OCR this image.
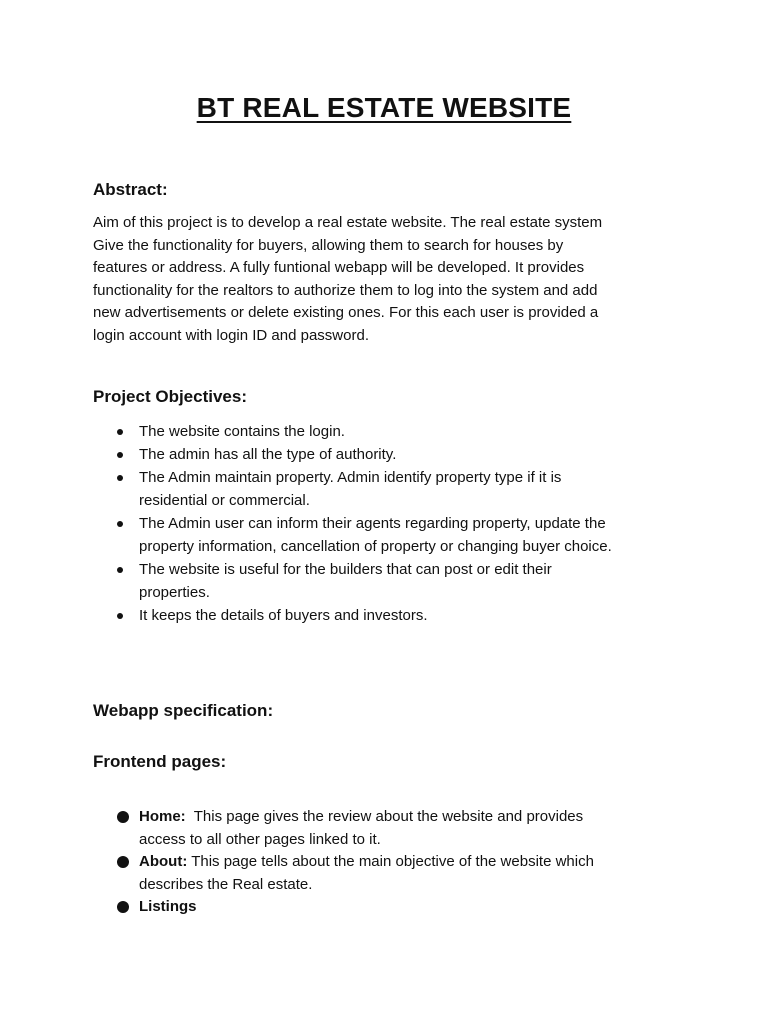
BT REAL ESTATE WEBSITE
Abstract:
Aim of this project is to develop a real estate website. The real estate system
Give the functionality for buyers, allowing them to search for houses by
features or address. A fully funtional webapp will be developed. It provides
functionality for the realtors to authorize them to log into the system and add
new advertisements or delete existing ones. For this each user is provided a
login account with login ID and password.
Project Objectives:
The website contains the login.
The admin has all the type of authority.
The Admin maintain property. Admin identify property type if it is
residential or commercial.
The Admin user can inform their agents regarding property, update the
property information, cancellation of property or changing buyer choice.
The website is useful for the builders that can post or edit their
properties.
It keeps the details of buyers and investors.
Webapp specification:
Frontend pages:
Home:  This page gives the review about the website and provides
access to all other pages linked to it.
About: This page tells about the main objective of the website which
describes the Real estate.
Listings
